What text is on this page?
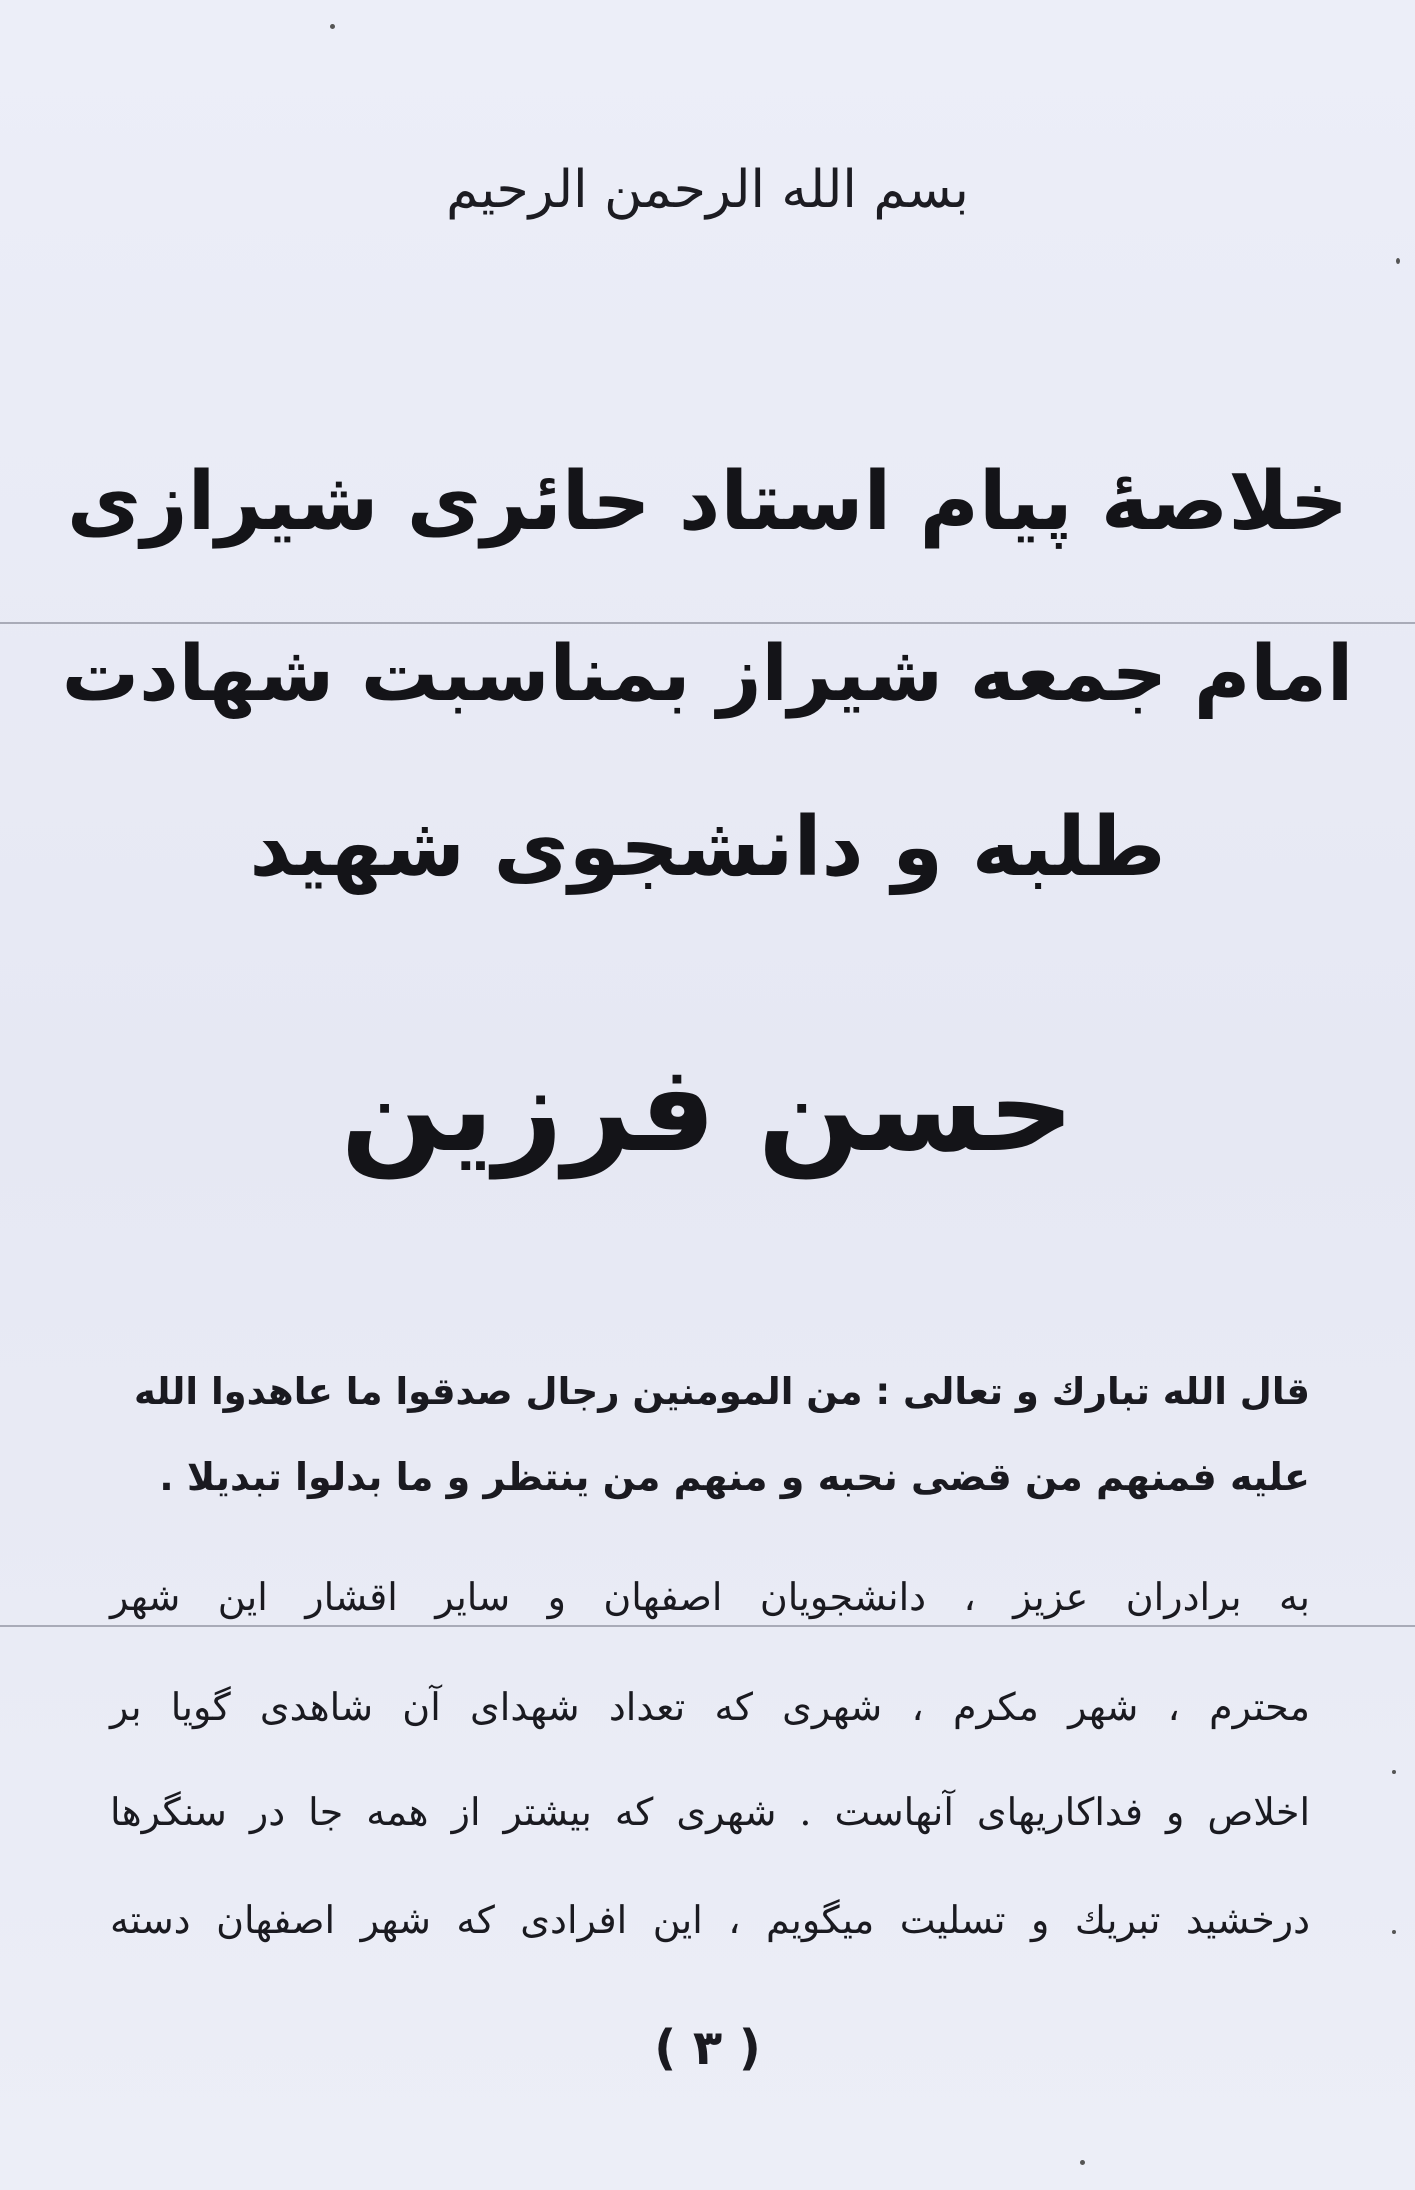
بسم الله الرحمن الرحیم
خلاصهٔ پیام استاد حائری شیرازی
امام جمعه شیراز بمناسبت شهادت
طلبه و دانشجوی شهید
حسن فرزین
قال الله تبارك و تعالى : من المومنين رجال صدقوا ما عاهدوا الله
عليه فمنهم من قضى نحبه و منهم من ينتظر و ما بدلوا تبديلا .
به برادران عزیز ، دانشجویان اصفهان و سایر اقشار این شهر
محترم ، شهر مکرم ، شهری که تعداد شهدای آن شاهدی گویا بر
اخلاص و فداکاریهای آنهاست . شهری که بیشتر از همه جا در سنگرها
درخشید تبریك و تسلیت میگویم ، این افرادی که شهر اصفهان دسته
( ۳ )
